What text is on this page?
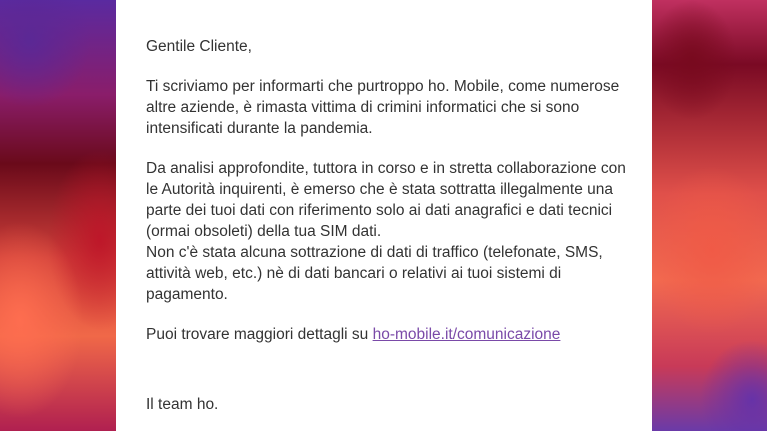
Gentile Cliente,

Ti scriviamo per informarti che purtroppo ho. Mobile, come numerose altre aziende, è rimasta vittima di crimini informatici che si sono intensificati durante la pandemia.

Da analisi approfondite, tuttora in corso e in stretta collaborazione con le Autorità inquirenti, è emerso che è stata sottratta illegalmente una parte dei tuoi dati con riferimento solo ai dati anagrafici e dati tecnici (ormai obsoleti) della tua SIM dati.

Non c'è stata alcuna sottrazione di dati di traffico (telefonate, SMS, attività web, etc.) nè di dati bancari o relativi ai tuoi sistemi di pagamento.

Puoi trovare maggiori dettagli su ho-mobile.it/comunicazione

Il team ho.
